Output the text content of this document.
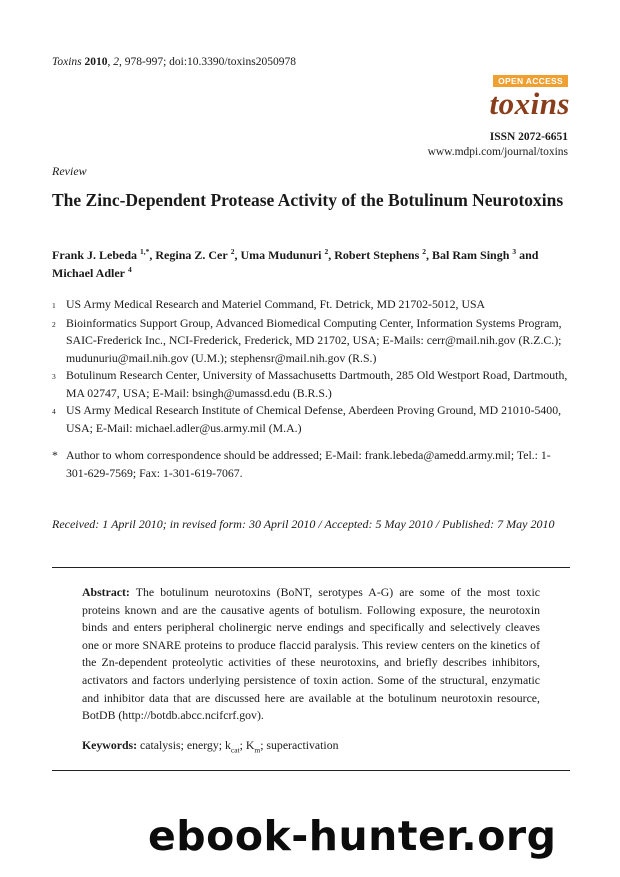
Toxins 2010, 2, 978-997; doi:10.3390/toxins2050978
OPEN ACCESS
toxins
ISSN 2072-6651
www.mdpi.com/journal/toxins
Review
The Zinc-Dependent Protease Activity of the Botulinum Neurotoxins
Frank J. Lebeda $^{1,*}$, Regina Z. Cer $^2$, Uma Mudunuri $^2$, Robert Stephens $^2$, Bal Ram Singh $^3$ and Michael Adler $^4$
1 US Army Medical Research and Materiel Command, Ft. Detrick, MD 21702-5012, USA
2 Bioinformatics Support Group, Advanced Biomedical Computing Center, Information Systems Program, SAIC-Frederick Inc., NCI-Frederick, Frederick, MD 21702, USA; E-Mails: cerr@mail.nih.gov (R.Z.C.); mudunuriu@mail.nih.gov (U.M.); stephensr@mail.nih.gov (R.S.)
3 Botulinum Research Center, University of Massachusetts Dartmouth, 285 Old Westport Road, Dartmouth, MA 02747, USA; E-Mail: bsingh@umassd.edu (B.R.S.)
4 US Army Medical Research Institute of Chemical Defense, Aberdeen Proving Ground, MD 21010-5400, USA; E-Mail: michael.adler@us.army.mil (M.A.)
* Author to whom correspondence should be addressed; E-Mail: frank.lebeda@amedd.army.mil; Tel.: 1-301-629-7569; Fax: 1-301-619-7067.
Received: 1 April 2010; in revised form: 30 April 2010 / Accepted: 5 May 2010 / Published: 7 May 2010
Abstract: The botulinum neurotoxins (BoNT, serotypes A-G) are some of the most toxic proteins known and are the causative agents of botulism. Following exposure, the neurotoxin binds and enters peripheral cholinergic nerve endings and specifically and selectively cleaves one or more SNARE proteins to produce flaccid paralysis. This review centers on the kinetics of the Zn-dependent proteolytic activities of these neurotoxins, and briefly describes inhibitors, activators and factors underlying persistence of toxin action. Some of the structural, enzymatic and inhibitor data that are discussed here are available at the botulinum neurotoxin resource, BotDB (http://botdb.abcc.ncifcrf.gov).
Keywords: catalysis; energy; $k_{cat}$; $K_m$; superactivation
ebook-hunter.org
